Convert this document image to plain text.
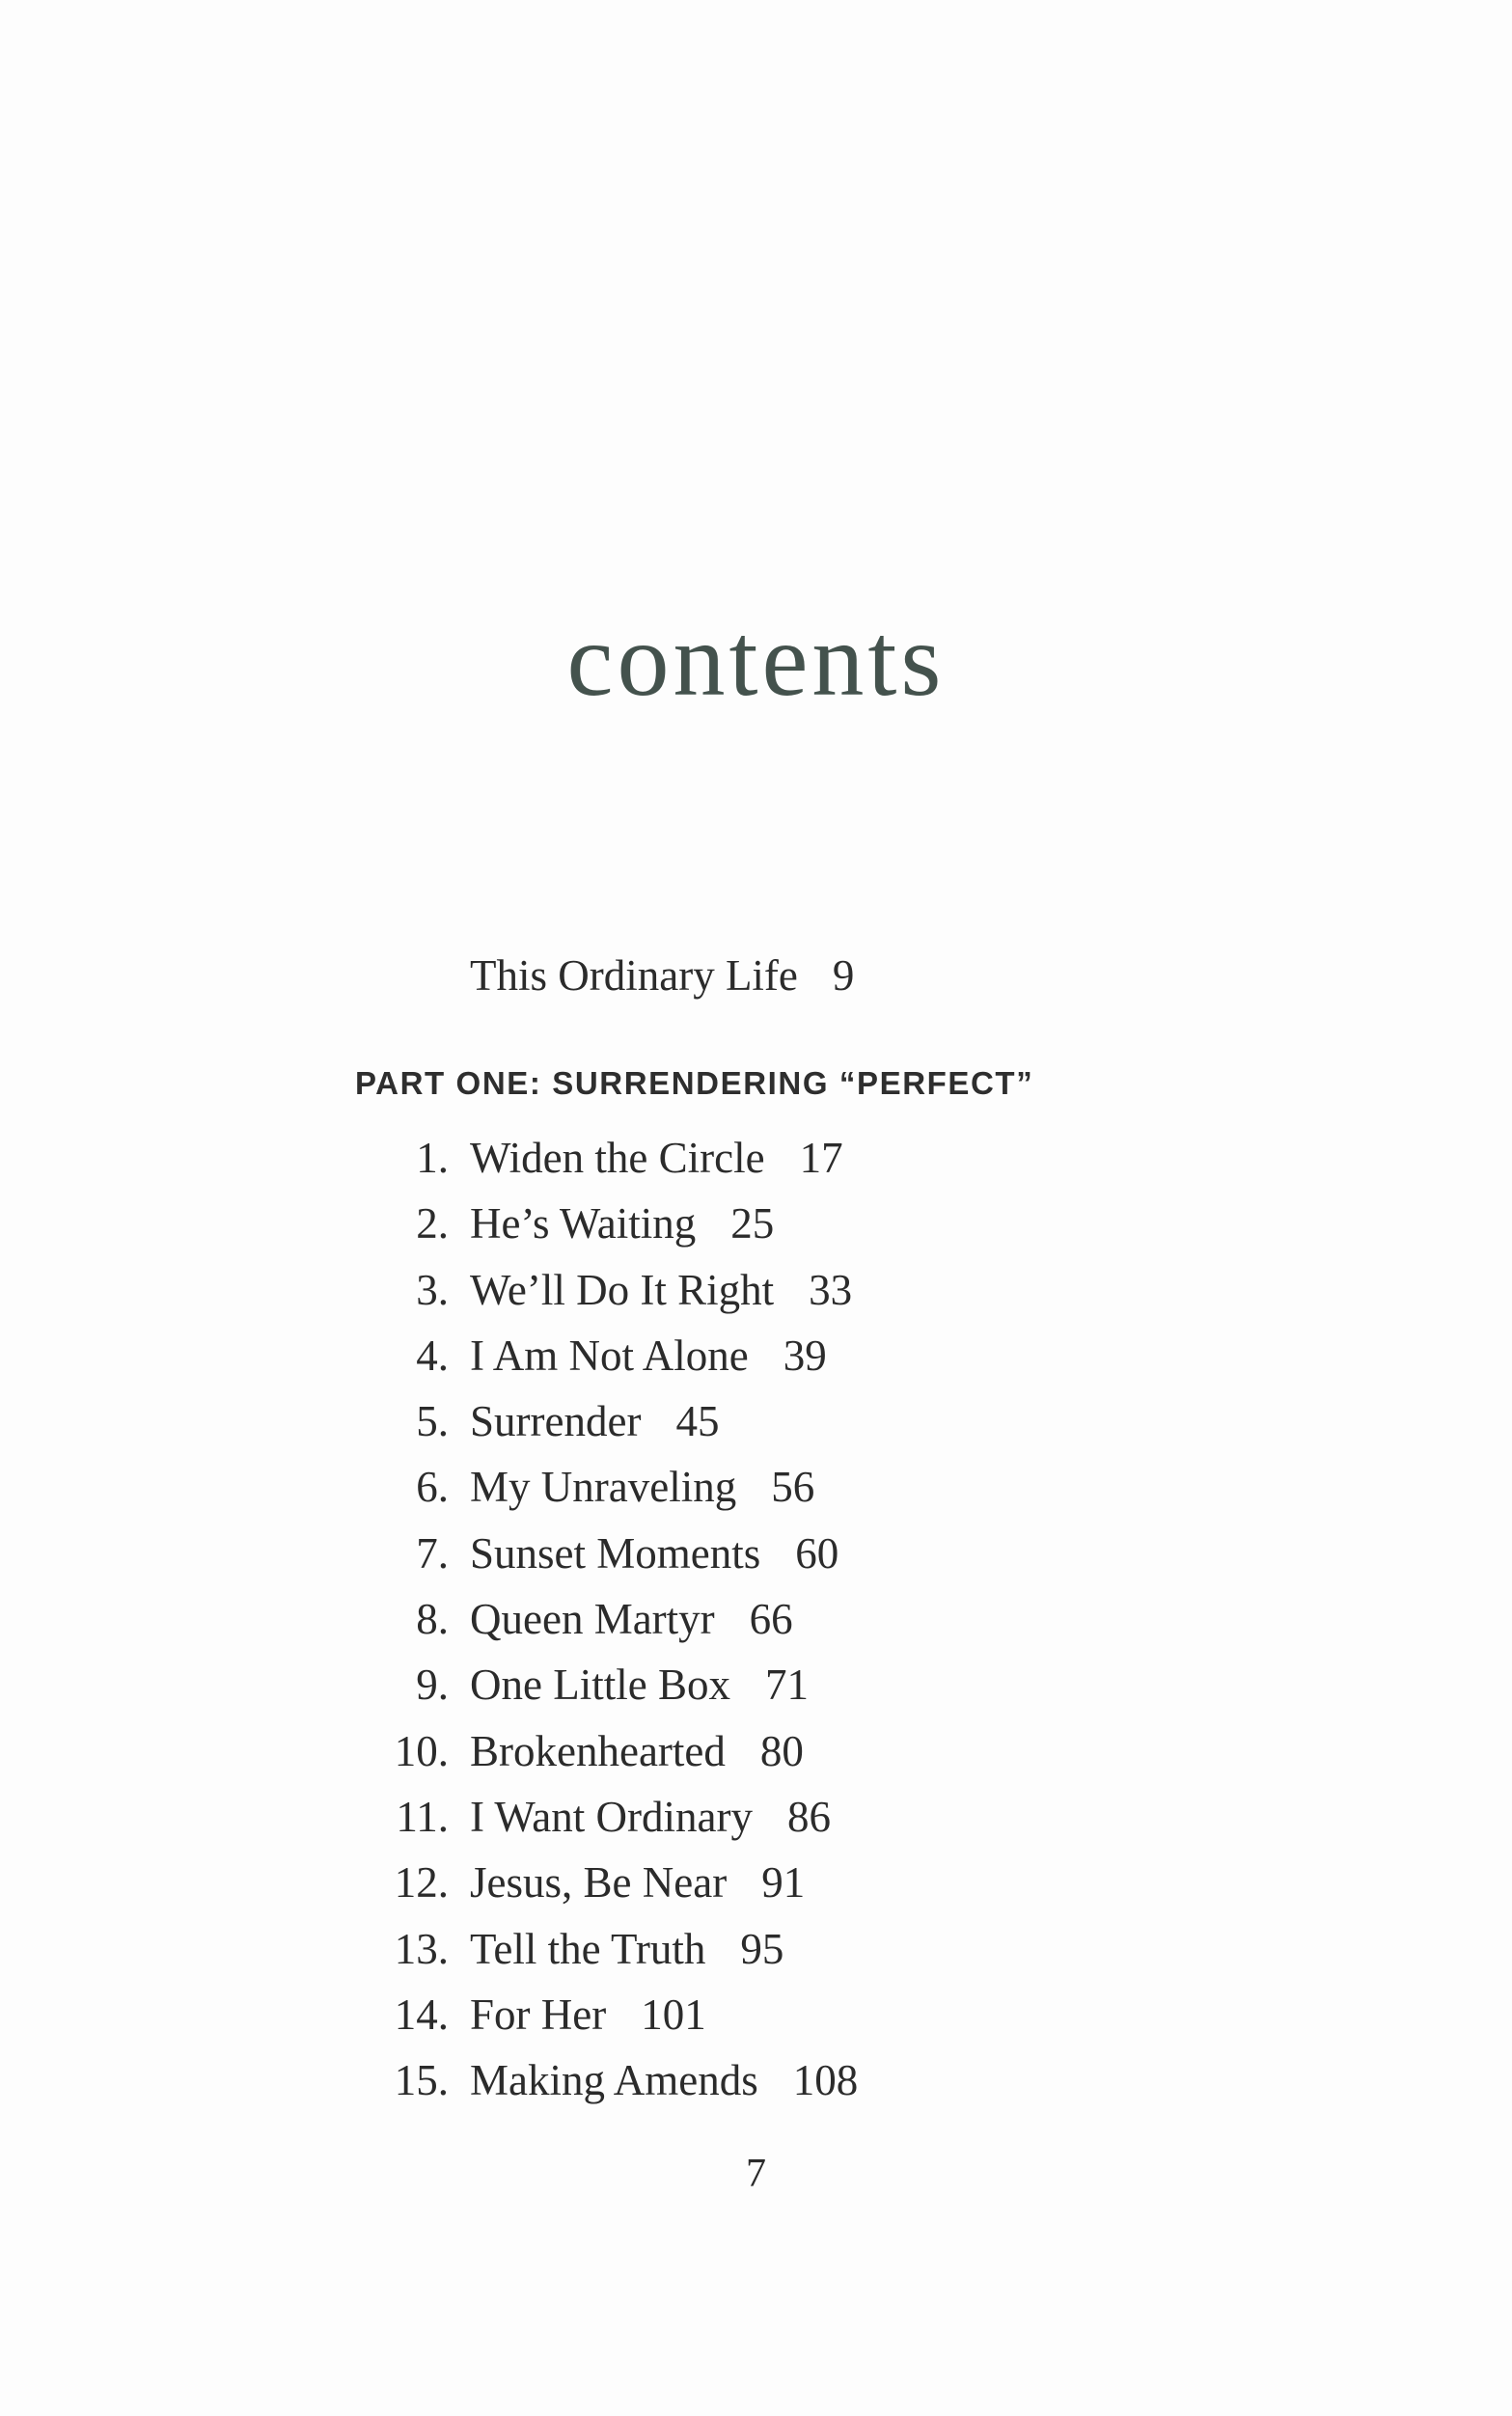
contents
This Ordinary Life 9
PART ONE: SURRENDERING “PERFECT”
1. Widen the Circle 17
2. He’s Waiting 25
3. We’ll Do It Right 33
4. I Am Not Alone 39
5. Surrender 45
6. My Unraveling 56
7. Sunset Moments 60
8. Queen Martyr 66
9. One Little Box 71
10. Brokenhearted 80
11. I Want Ordinary 86
12. Jesus, Be Near 91
13. Tell the Truth 95
14. For Her 101
15. Making Amends 108
7
